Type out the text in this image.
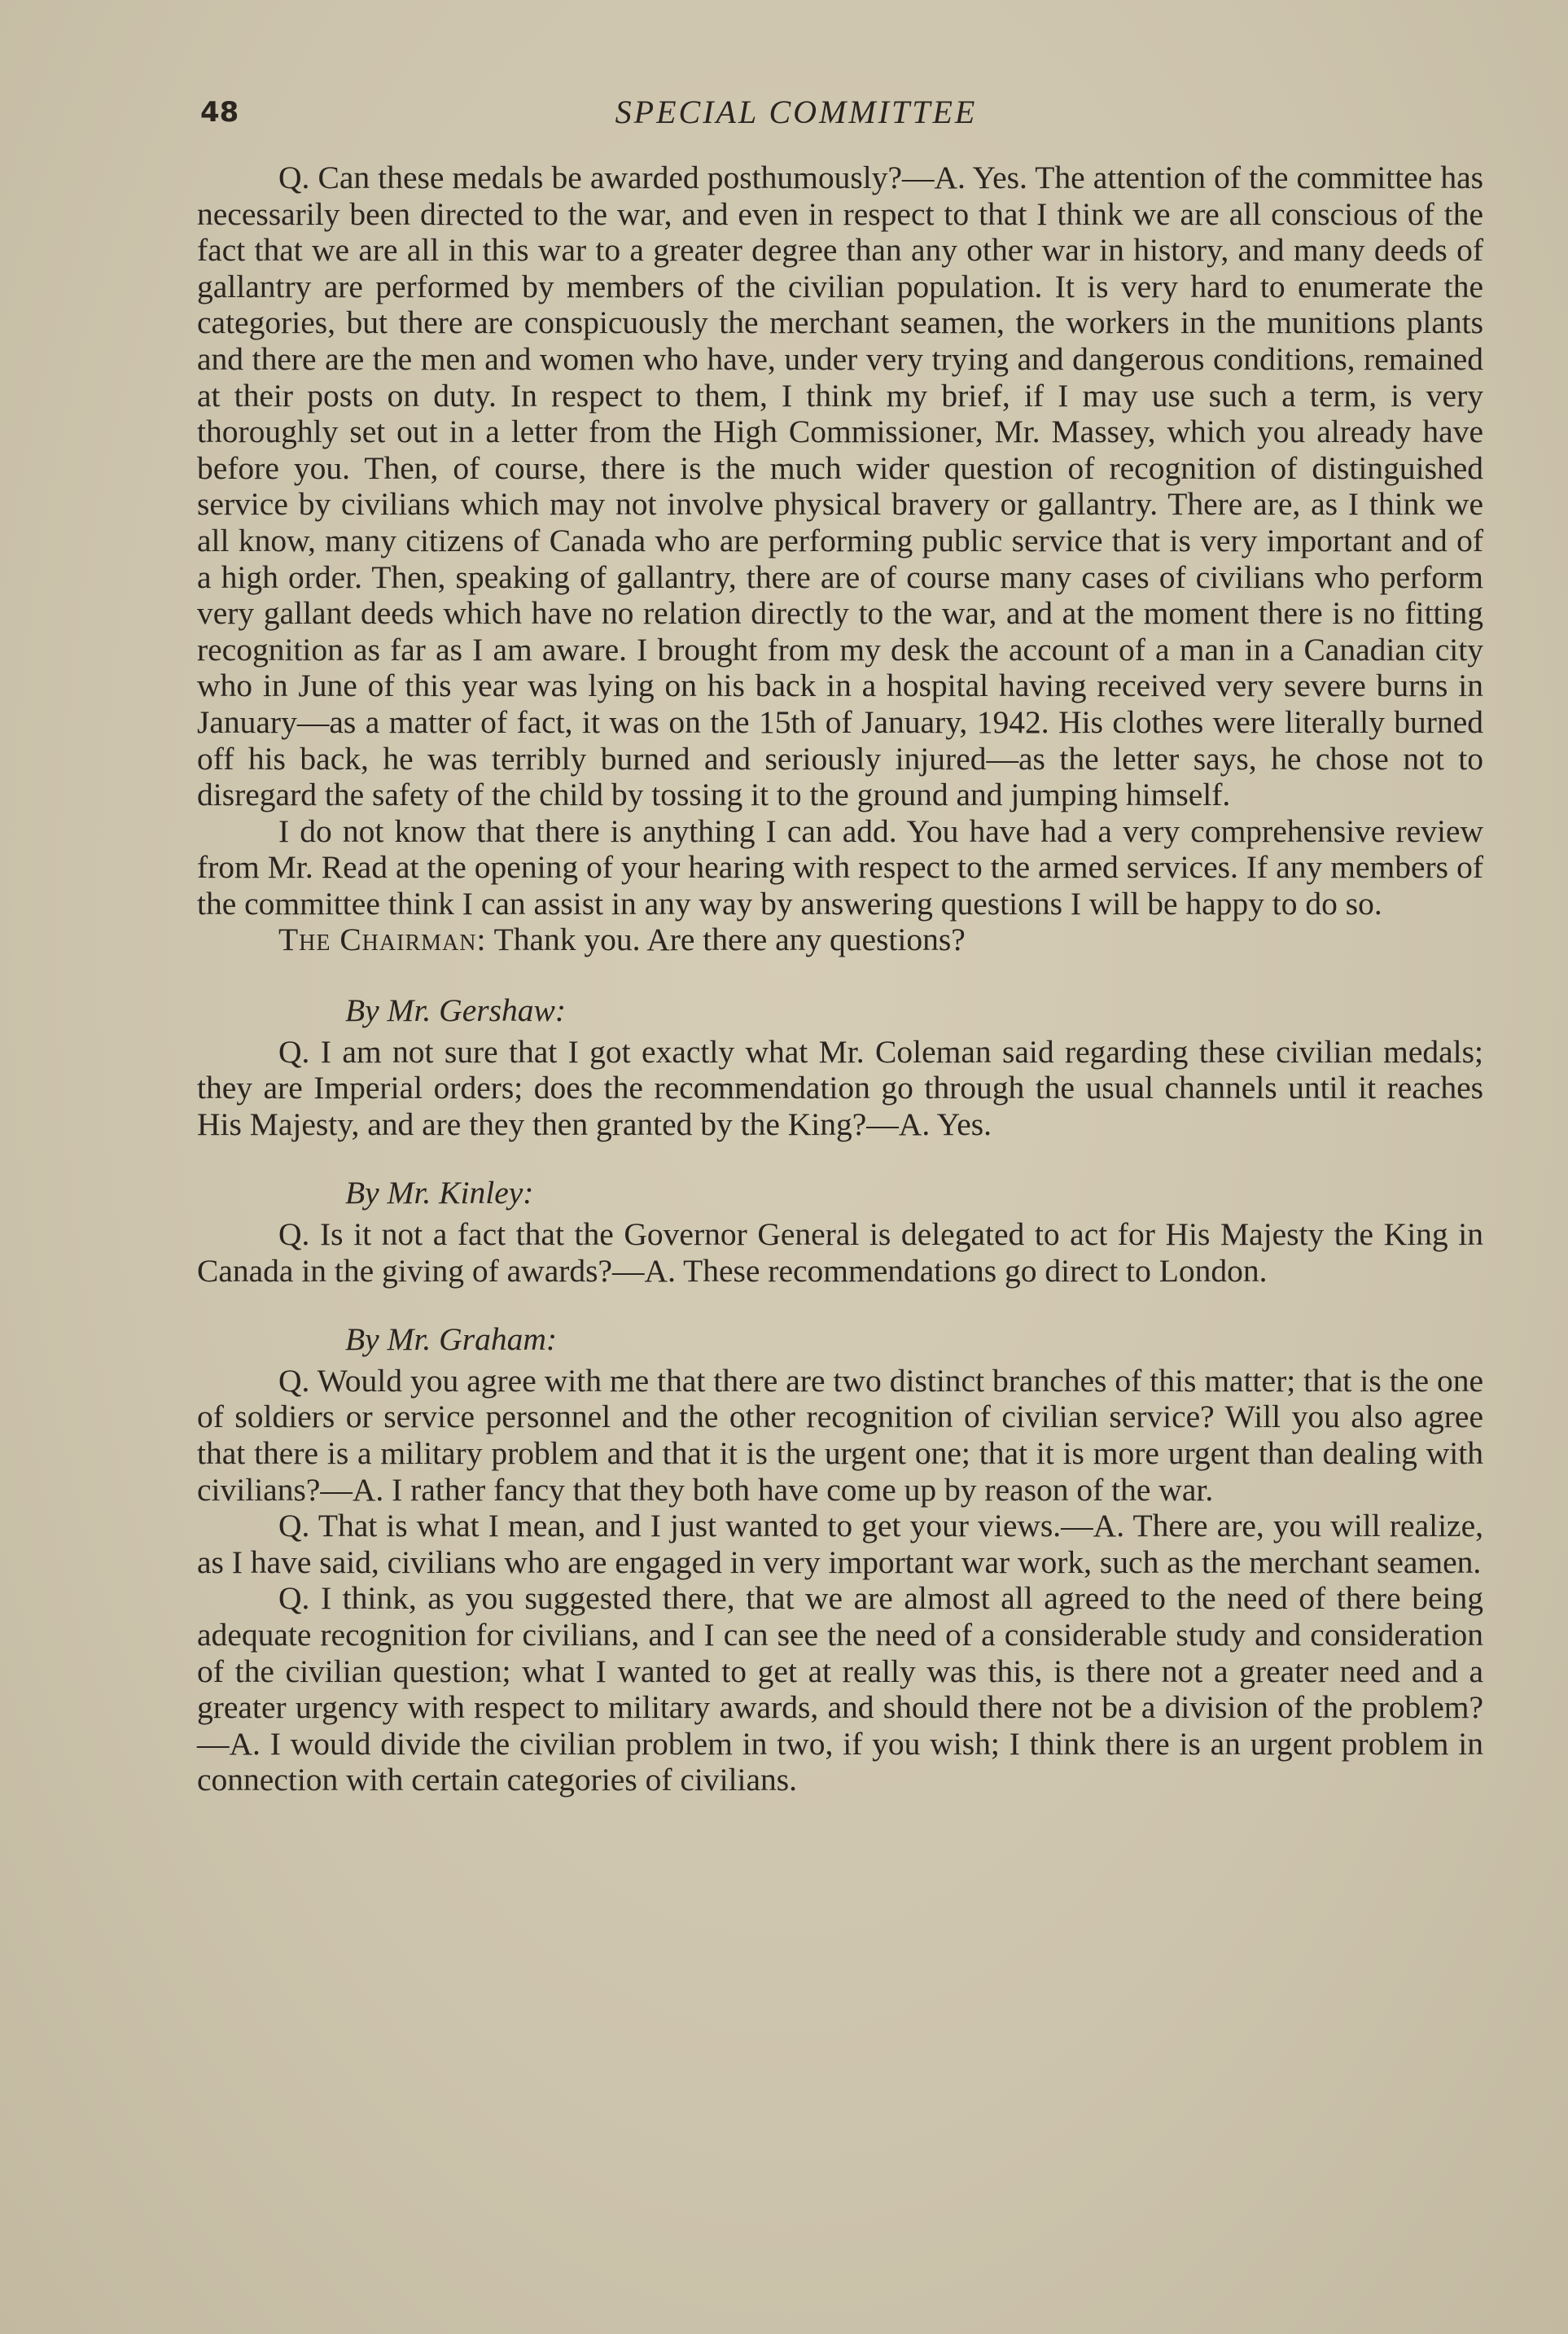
48	SPECIAL COMMITTEE

Q. Can these medals be awarded posthumously?—A. Yes. The attention of the committee has necessarily been directed to the war, and even in respect to that I think we are all conscious of the fact that we are all in this war to a greater degree than any other war in history, and many deeds of gallantry are performed by members of the civilian population. It is very hard to enumerate the categories, but there are conspicuously the merchant seamen, the workers in the munitions plants and there are the men and women who have, under very trying and dangerous conditions, remained at their posts on duty. In respect to them, I think my brief, if I may use such a term, is very thoroughly set out in a letter from the High Commissioner, Mr. Massey, which you already have before you. Then, of course, there is the much wider question of recognition of distinguished service by civilians which may not involve physical bravery or gallantry. There are, as I think we all know, many citizens of Canada who are performing public service that is very important and of a high order. Then, speaking of gallantry, there are of course many cases of civilians who perform very gallant deeds which have no relation directly to the war, and at the moment there is no fitting recognition as far as I am aware. I brought from my desk the account of a man in a Canadian city who in June of this year was lying on his back in a hospital having received very severe burns in January—as a matter of fact, it was on the 15th of January, 1942. His clothes were literally burned off his back, he was terribly burned and seriously injured—as the letter says, he chose not to disregard the safety of the child by tossing it to the ground and jumping himself.

I do not know that there is anything I can add. You have had a very comprehensive review from Mr. Read at the opening of your hearing with respect to the armed services. If any members of the committee think I can assist in any way by answering questions I will be happy to do so.

The Chairman: Thank you. Are there any questions?

By Mr. Gershaw:

Q. I am not sure that I got exactly what Mr. Coleman said regarding these civilian medals; they are Imperial orders; does the recommendation go through the usual channels until it reaches His Majesty, and are they then granted by the King?—A. Yes.

By Mr. Kinley:

Q. Is it not a fact that the Governor General is delegated to act for His Majesty the King in Canada in the giving of awards?—A. These recommendations go direct to London.

By Mr. Graham:

Q. Would you agree with me that there are two distinct branches of this matter; that is the one of soldiers or service personnel and the other recognition of civilian service? Will you also agree that there is a military problem and that it is the urgent one; that it is more urgent than dealing with civilians?—A. I rather fancy that they both have come up by reason of the war.

Q. That is what I mean, and I just wanted to get your views.—A. There are, you will realize, as I have said, civilians who are engaged in very important war work, such as the merchant seamen.

Q. I think, as you suggested there, that we are almost all agreed to the need of there being adequate recognition for civilians, and I can see the need of a considerable study and consideration of the civilian question; what I wanted to get at really was this, is there not a greater need and a greater urgency with respect to military awards, and should there not be a division of the problem?—A. I would divide the civilian problem in two, if you wish; I think there is an urgent problem in connection with certain categories of civilians.
